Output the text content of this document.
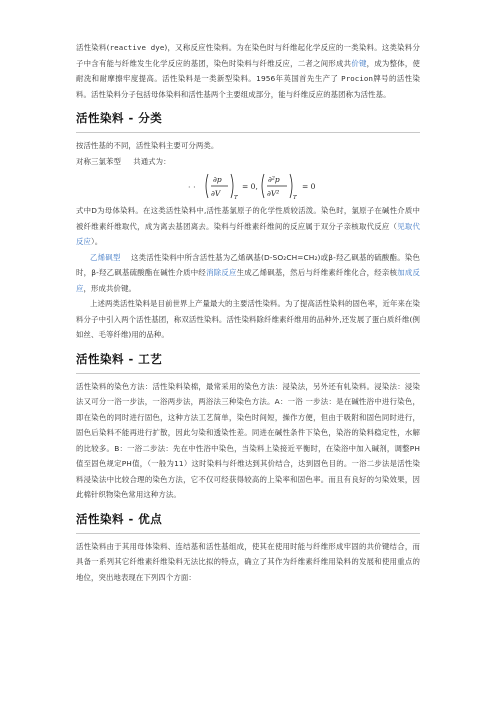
活性染料(reactive dye)，又称反应性染料。为在染色时与纤维起化学反应的一类染料。这类染料分子中含有能与纤维发生化学反应的基团，染色时染料与纤维反应，二者之间形成共价键，成为整体，使耐洗和耐摩擦牢度提高。活性染料是一类新型染料。1956年英国首先生产了 Procion牌号的活性染料。活性染料分子包括母体染料和活性基两个主要组成部分，能与纤维反应的基团称为活性基。

活性染料 - 分类

按活性基的不同，活性染料主要可分两类。

对称三氯苯型 共通式为：

· ·
∂p
∂V T
= 0,
∂²p
∂V² T
= 0

式中D为母体染料。在这类活性染料中,活性基氯原子的化学性质较活泼。染色时，氯原子在碱性介质中被纤维素纤维取代，成为离去基团离去。染料与纤维素纤维间的反应属于双分子亲核取代反应（见取代反应）。

乙烯砜型 这类活性染料中所含活性基为乙烯砜基(D-SO₂CH=CH₂)或β-羟乙砜基的硫酸酯。染色时，β-羟乙砜基硫酸酯在碱性介质中经消除反应生成乙烯砜基，然后与纤维素纤维化合，经亲核加成反应，形成共价键。

上述两类活性染料是目前世界上产量最大的主要活性染料。为了提高活性染料的固色率，近年来在染料分子中引入两个活性基团，称双活性染料。活性染料除纤维素纤维用的品种外,还发展了蛋白质纤维(例如丝、毛等纤维)用的品种。

活性染料 - 工艺

活性染料的染色方法：活性染料染棉，最常采用的染色方法：浸染法，另外还有轧染料。浸染法：浸染法又可分一浴一步法，一浴两步法，两浴法三种染色方法。A：一浴 一步法：是在碱性浴中进行染色，即在染色的同时进行固色，这种方法工艺简单，染色时间短，操作方便，但由于吸附和固色同时进行，固色后染料不能再进行扩散，因此匀染和透染性差。同进在碱性条件下染色，染浴的染料稳定性，水解的比较多。B：一浴二步法：先在中性浴中染色，当染料上染接近平衡时，在染浴中加入碱剂，调整PH值至固色规定PH值，（一般为11）这时染料与纤维达到其价结合，达到固色目的。一浴二步法是活性染料浸染法中比较合理的染色方法，它不仅可经获得较高的上染率和固色率。而且有良好的匀染效果，因此棉针织物染色常用这种方法。

活性染料 - 优点

活性染料由于其用母体染料、连结基和活性基组成，使其在使用时能与纤维形成牢固的共价键结合，而具备一系列其它纤维素纤维染料无法比拟的特点，确立了其作为纤维素纤维用染料的发展和使用重点的地位，突出地表现在下列四个方面：
